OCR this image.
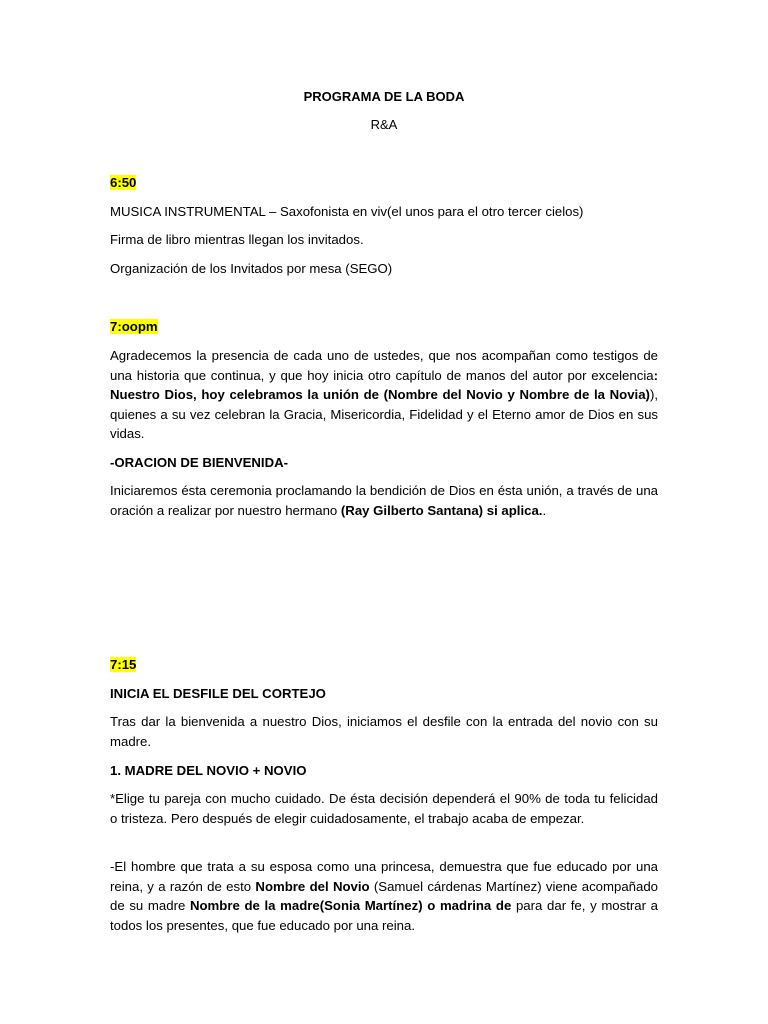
PROGRAMA DE LA BODA
R&A

6:50

MUSICA INSTRUMENTAL – Saxofonista en viv(el unos para el otro tercer cielos)

Firma de libro mientras llegan los invitados.

Organización de los Invitados por mesa (SEGO)

7:oopm

Agradecemos la presencia de cada uno de ustedes, que nos acompañan como testigos de una historia que continua, y que hoy inicia otro capítulo de manos del autor por excelencia: Nuestro Dios, hoy celebramos la unión de (Nombre del Novio y Nombre de la Novia)), quienes a su vez celebran la Gracia, Misericordia, Fidelidad y el Eterno amor de Dios en sus vidas.

-ORACION DE BIENVENIDA-

Iniciaremos ésta ceremonia proclamando la bendición de Dios en ésta unión, a través de una oración a realizar por nuestro hermano (Ray Gilberto Santana) si aplica..

7:15

INICIA EL DESFILE DEL CORTEJO

Tras dar la bienvenida a nuestro Dios, iniciamos el desfile con la entrada del novio con su madre.

1. MADRE DEL NOVIO + NOVIO

*Elige tu pareja con mucho cuidado. De ésta decisión dependerá el 90% de toda tu felicidad o tristeza. Pero después de elegir cuidadosamente, el trabajo acaba de empezar.

-El hombre que trata a su esposa como una princesa, demuestra que fue educado por una reina, y a razón de esto Nombre del Novio (Samuel cárdenas Martínez) viene acompañado de su madre Nombre de la madre(Sonia Martínez) o madrina de para dar fe, y mostrar a todos los presentes, que fue educado por una reina.
